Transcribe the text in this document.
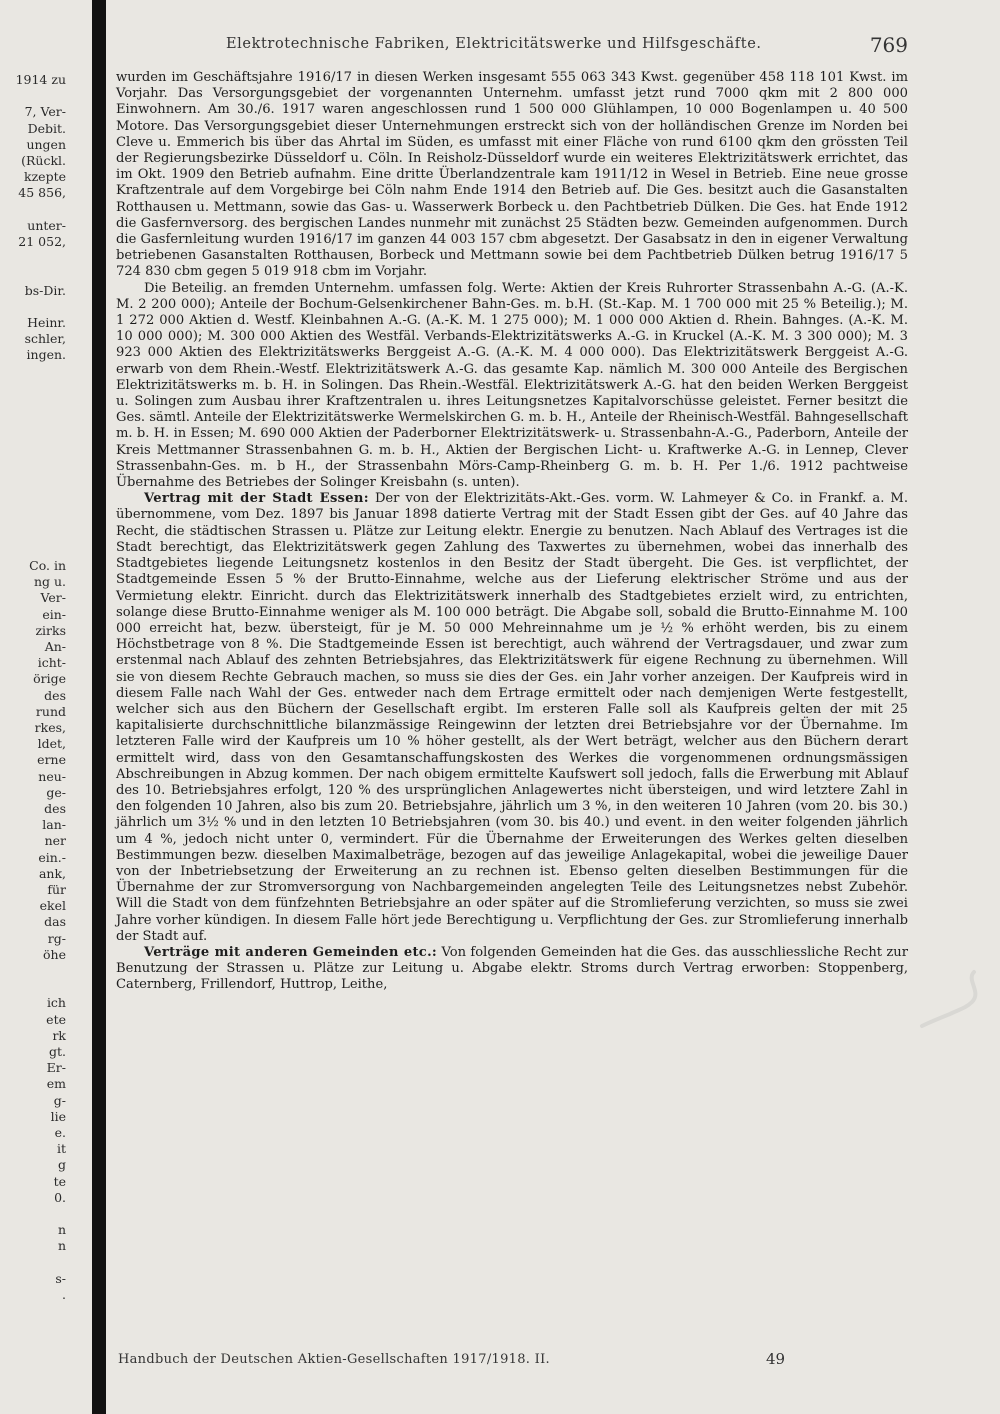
1914 zu
7, Ver-
Debit.
ungen
(Rückl.
kzepte
45 856,
unter-
21 052,
bs-Dir.
Heinr.
schler,
ingen.
Co. in
ng u.
Ver-
ein-
zirks
An-
icht-
örige
des
rund
rkes,
ldet,
erne
neu-
ge-
des
lan-
ner
ein.-
ank,
für
ekel
das
rg-
öhe
ich
ete
rk
gt.
Er-
em
g-
lie
e.
it
g
te
0.
n
n
s-
.
Elektrotechnische Fabriken, Elektricitätswerke und Hilfsgeschäfte.	769

wurden im Geschäftsjahre 1916/17 in diesen Werken insgesamt 555 063 343 Kwst. gegenüber 458 118 101 Kwst. im Vorjahr. Das Versorgungsgebiet der vorgenannten Unternehm. umfasst jetzt rund 7000 qkm mit 2 800 000 Einwohnern. Am 30./6. 1917 waren angeschlossen rund 1 500 000 Glühlampen, 10 000 Bogenlampen u. 40 500 Motore. Das Versorgungsgebiet dieser Unternehmungen erstreckt sich von der holländischen Grenze im Norden bei Cleve u. Emmerich bis über das Ahrtal im Süden, es umfasst mit einer Fläche von rund 6100 qkm den grössten Teil der Regierungsbezirke Düsseldorf u. Cöln. In Reisholz-Düsseldorf wurde ein weiteres Elektrizitätswerk errichtet, das im Okt. 1909 den Betrieb aufnahm. Eine dritte Überlandzentrale kam 1911/12 in Wesel in Betrieb. Eine neue grosse Kraftzentrale auf dem Vorgebirge bei Cöln nahm Ende 1914 den Betrieb auf. Die Ges. besitzt auch die Gasanstalten Rotthausen u. Mettmann, sowie das Gas- u. Wasserwerk Borbeck u. den Pachtbetrieb Dülken. Die Ges. hat Ende 1912 die Gasfernversorg. des bergischen Landes nunmehr mit zunächst 25 Städten bezw. Gemeinden aufgenommen. Durch die Gasfernleitung wurden 1916/17 im ganzen 44 003 157 cbm abgesetzt. Der Gasabsatz in den in eigener Verwaltung betriebenen Gasanstalten Rotthausen, Borbeck und Mettmann sowie bei dem Pachtbetrieb Dülken betrug 1916/17 5 724 830 cbm gegen 5 019 918 cbm im Vorjahr.

Die Beteilig. an fremden Unternehm. umfassen folg. Werte: Aktien der Kreis Ruhrorter Strassenbahn A.-G. (A.-K. M. 2 200 000); Anteile der Bochum-Gelsenkirchener Bahn-Ges. m. b.H. (St.-Kap. M. 1 700 000 mit 25 % Beteilig.); M. 1 272 000 Aktien d. Westf. Kleinbahnen A.-G. (A.-K. M. 1 275 000); M. 1 000 000 Aktien d. Rhein. Bahnges. (A.-K. M. 10 000 000); M. 300 000 Aktien des Westfäl. Verbands-Elektrizitätswerks A.-G. in Kruckel (A.-K. M. 3 300 000); M. 3 923 000 Aktien des Elektrizitätswerks Berggeist A.-G. (A.-K. M. 4 000 000). Das Elektrizitätswerk Berggeist A.-G. erwarb von dem Rhein.-Westf. Elektrizitätswerk A.-G. das gesamte Kap. nämlich M. 300 000 Anteile des Bergischen Elektrizitätswerks m. b. H. in Solingen. Das Rhein.-Westfäl. Elektrizitätswerk A.-G. hat den beiden Werken Berggeist u. Solingen zum Ausbau ihrer Kraftzentralen u. ihres Leitungsnetzes Kapitalvorschüsse geleistet. Ferner besitzt die Ges. sämtl. Anteile der Elektrizitätswerke Wermelskirchen G. m. b. H., Anteile der Rheinisch-Westfäl. Bahngesellschaft m. b. H. in Essen; M. 690 000 Aktien der Paderborner Elektrizitätswerk- u. Strassenbahn-A.-G., Paderborn, Anteile der Kreis Mettmanner Strassenbahnen G. m. b. H., Aktien der Bergischen Licht- u. Kraftwerke A.-G. in Lennep, Clever Strassenbahn-Ges. m. b H., der Strassenbahn Mörs-Camp-Rheinberg G. m. b. H. Per 1./6. 1912 pachtweise Übernahme des Betriebes der Solinger Kreisbahn (s. unten).

Vertrag mit der Stadt Essen: Der von der Elektrizitäts-Akt.-Ges. vorm. W. Lahmeyer & Co. in Frankf. a. M. übernommene, vom Dez. 1897 bis Januar 1898 datierte Vertrag mit der Stadt Essen gibt der Ges. auf 40 Jahre das Recht, die städtischen Strassen u. Plätze zur Leitung elektr. Energie zu benutzen. Nach Ablauf des Vertrages ist die Stadt berechtigt, das Elektrizitätswerk gegen Zahlung des Taxwertes zu übernehmen, wobei das innerhalb des Stadtgebietes liegende Leitungsnetz kostenlos in den Besitz der Stadt übergeht. Die Ges. ist verpflichtet, der Stadtgemeinde Essen 5 % der Brutto-Einnahme, welche aus der Lieferung elektrischer Ströme und aus der Vermietung elektr. Einricht. durch das Elektrizitätswerk innerhalb des Stadtgebietes erzielt wird, zu entrichten, solange diese Brutto-Einnahme weniger als M. 100 000 beträgt. Die Abgabe soll, sobald die Brutto-Einnahme M. 100 000 erreicht hat, bezw. übersteigt, für je M. 50 000 Mehreinnahme um je ½ % erhöht werden, bis zu einem Höchstbetrage von 8 %. Die Stadtgemeinde Essen ist berechtigt, auch während der Vertragsdauer, und zwar zum erstenmal nach Ablauf des zehnten Betriebsjahres, das Elektrizitätswerk für eigene Rechnung zu übernehmen. Will sie von diesem Rechte Gebrauch machen, so muss sie dies der Ges. ein Jahr vorher anzeigen. Der Kaufpreis wird in diesem Falle nach Wahl der Ges. entweder nach dem Ertrage ermittelt oder nach demjenigen Werte festgestellt, welcher sich aus den Büchern der Gesellschaft ergibt. Im ersteren Falle soll als Kaufpreis gelten der mit 25 kapitalisierte durchschnittliche bilanzmässige Reingewinn der letzten drei Betriebsjahre vor der Übernahme. Im letzteren Falle wird der Kaufpreis um 10 % höher gestellt, als der Wert beträgt, welcher aus den Büchern derart ermittelt wird, dass von den Gesamtanschaffungskosten des Werkes die vorgenommenen ordnungsmässigen Abschreibungen in Abzug kommen. Der nach obigem ermittelte Kaufswert soll jedoch, falls die Erwerbung mit Ablauf des 10. Betriebsjahres erfolgt, 120 % des ursprünglichen Anlagewertes nicht übersteigen, und wird letztere Zahl in den folgenden 10 Jahren, also bis zum 20. Betriebsjahre, jährlich um 3 %, in den weiteren 10 Jahren (vom 20. bis 30.) jährlich um 3½ % und in den letzten 10 Betriebsjahren (vom 30. bis 40.) und event. in den weiter folgenden jährlich um 4 %, jedoch nicht unter 0, vermindert. Für die Übernahme der Erweiterungen des Werkes gelten dieselben Bestimmungen bezw. dieselben Maximalbeträge, bezogen auf das jeweilige Anlagekapital, wobei die jeweilige Dauer von der Inbetriebsetzung der Erweiterung an zu rechnen ist. Ebenso gelten dieselben Bestimmungen für die Übernahme der zur Stromversorgung von Nachbargemeinden angelegten Teile des Leitungsnetzes nebst Zubehör. Will die Stadt von dem fünfzehnten Betriebsjahre an oder später auf die Stromlieferung verzichten, so muss sie zwei Jahre vorher kündigen. In diesem Falle hört jede Berechtigung u. Verpflichtung der Ges. zur Stromlieferung innerhalb der Stadt auf.

Verträge mit anderen Gemeinden etc.: Von folgenden Gemeinden hat die Ges. das ausschliessliche Recht zur Benutzung der Strassen u. Plätze zur Leitung u. Abgabe elektr. Stroms durch Vertrag erworben: Stoppenberg, Caternberg, Frillendorf, Huttrop, Leithe,

Handbuch der Deutschen Aktien-Gesellschaften 1917/1918. II.	49
